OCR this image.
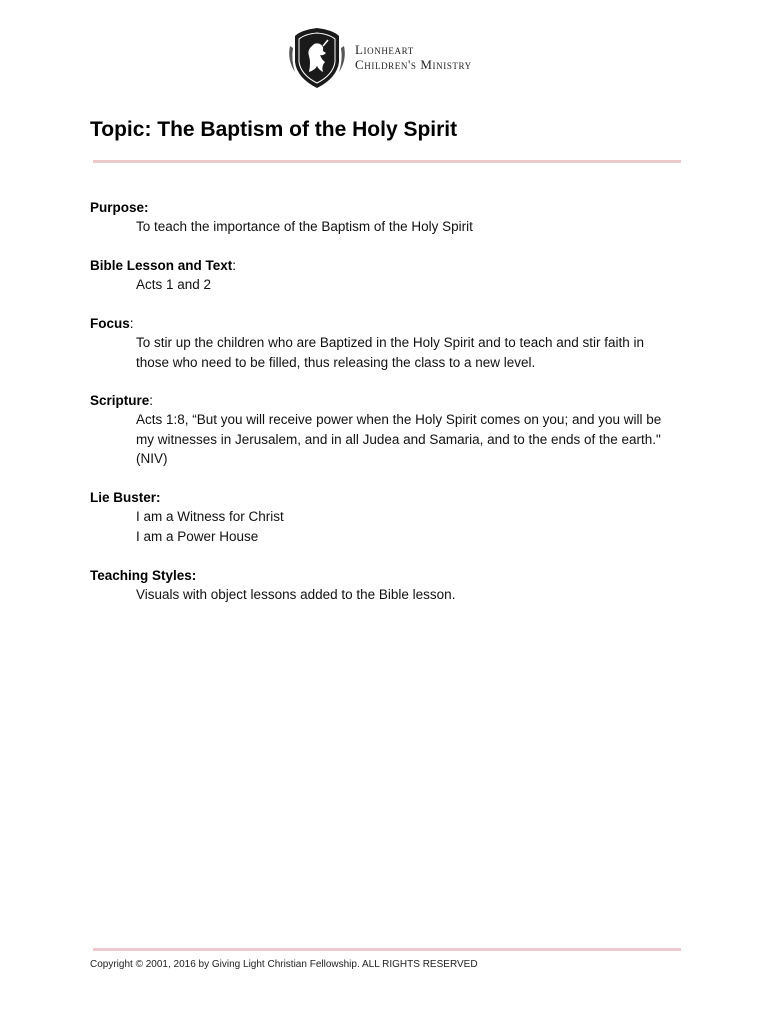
Lionheart
Children's Ministry
Topic: The Baptism of the Holy Spirit
Purpose:
To teach the importance of the Baptism of the Holy Spirit
Bible Lesson and Text:
Acts 1 and 2
Focus:
To stir up the children who are Baptized in the Holy Spirit and to teach and stir faith in
those who need to be filled, thus releasing the class to a new level.
Scripture:
Acts 1:8, “But you will receive power when the Holy Spirit comes on you; and you will be
my witnesses in Jerusalem, and in all Judea and Samaria, and to the ends of the earth."
(NIV)
Lie Buster:
I am a Witness for Christ
I am a Power House
Teaching Styles:
Visuals with object lessons added to the Bible lesson.
Copyright © 2001, 2016 by Giving Light Christian Fellowship. ALL RIGHTS RESERVED
